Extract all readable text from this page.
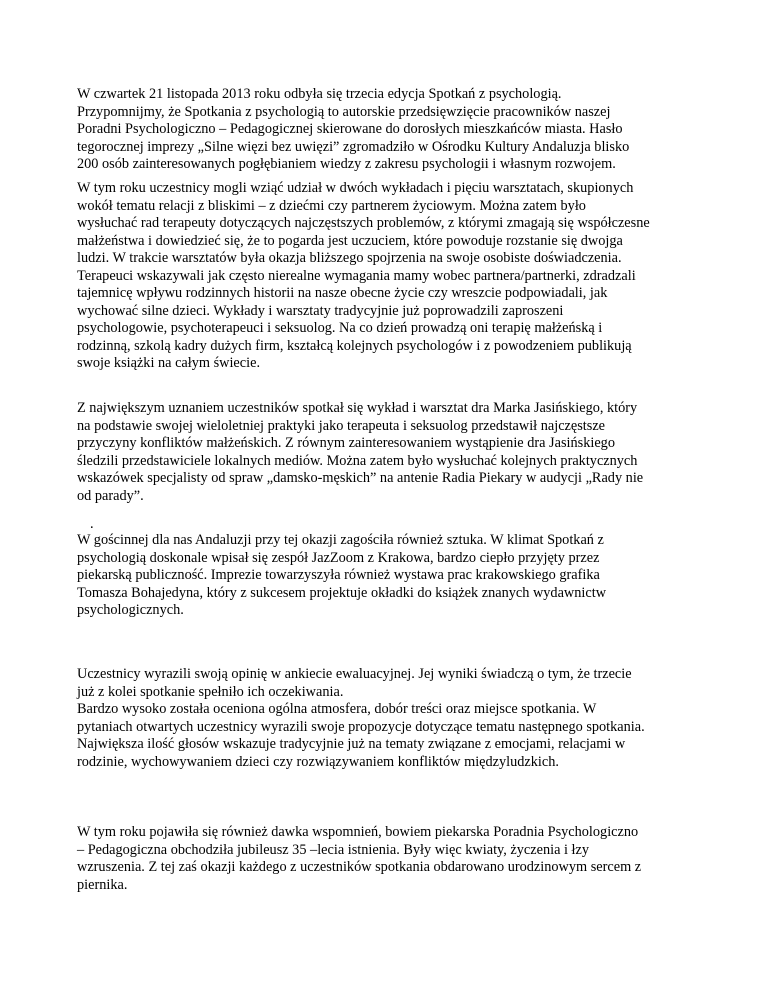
W czwartek 21 listopada 2013 roku odbyła się trzecia edycja Spotkań z psychologią.
Przypomnijmy, że Spotkania z psychologią to autorskie przedsięwzięcie pracowników naszej
Poradni Psychologiczno – Pedagogicznej skierowane do dorosłych mieszkańców miasta. Hasło
tegorocznej imprezy „Silne więzi bez uwięzi” zgromadziło w Ośrodku Kultury Andaluzja blisko
200 osób zainteresowanych pogłębianiem wiedzy z zakresu psychologii i własnym rozwojem.

W tym roku uczestnicy mogli wziąć udział w dwóch wykładach i pięciu warsztatach, skupionych
wokół tematu relacji z bliskimi – z dziećmi czy partnerem życiowym. Można zatem było
wysłuchać rad terapeuty dotyczących najczęstszych problemów, z którymi zmagają się współczesne
małżeństwa i dowiedzieć się, że to pogarda jest uczuciem, które powoduje rozstanie się dwojga
ludzi. W trakcie warsztatów była okazja bliższego spojrzenia na swoje osobiste doświadczenia.
Terapeuci wskazywali jak często nierealne wymagania mamy wobec partnera/partnerki, zdradzali
tajemnicę wpływu rodzinnych historii na nasze obecne życie czy wreszcie podpowiadali, jak
wychować silne dzieci. Wykłady i warsztaty tradycyjnie już poprowadzili zaproszeni
psychologowie, psychoterapeuci i seksuolog. Na co dzień prowadzą oni terapię małżeńską i
rodzinną, szkolą kadry dużych firm, kształcą kolejnych psychologów i z powodzeniem publikują
swoje książki na całym świecie.

Z największym uznaniem uczestników spotkał się wykład i warsztat dra Marka Jasińskiego, który
na podstawie swojej wieloletniej praktyki jako terapeuta i seksuolog przedstawił najczęstsze
przyczyny konfliktów małżeńskich. Z równym zainteresowaniem wystąpienie dra Jasińskiego
śledzili przedstawiciele lokalnych mediów. Można zatem było wysłuchać kolejnych praktycznych
wskazówek specjalisty od spraw „damsko-męskich” na antenie Radia Piekary w audycji „Rady nie
od parady”.

.

W gościnnej dla nas Andaluzji przy tej okazji zagościła również sztuka. W klimat Spotkań z
psychologią doskonale wpisał się zespół JazZoom z Krakowa, bardzo ciepło przyjęty przez
piekarską publiczność. Imprezie towarzyszyła również wystawa prac krakowskiego grafika
Tomasza Bohajedyna, który z sukcesem projektuje okładki do książek znanych wydawnictw
psychologicznych.

Uczestnicy wyrazili swoją opinię w ankiecie ewaluacyjnej. Jej wyniki świadczą o tym, że trzecie
już z kolei spotkanie spełniło ich oczekiwania.
Bardzo wysoko została oceniona ogólna atmosfera, dobór treści oraz miejsce spotkania. W
pytaniach otwartych uczestnicy wyrazili swoje propozycje dotyczące tematu następnego spotkania.
Największa ilość głosów wskazuje tradycyjnie już na tematy związane z emocjami, relacjami w
rodzinie, wychowywaniem dzieci czy rozwiązywaniem konfliktów międzyludzkich.

W tym roku pojawiła się również dawka wspomnień, bowiem piekarska Poradnia Psychologiczno
– Pedagogiczna obchodziła jubileusz 35 –lecia istnienia. Były więc kwiaty, życzenia i łzy
wzruszenia. Z tej zaś okazji każdego z uczestników spotkania obdarowano urodzinowym sercem z
piernika.
